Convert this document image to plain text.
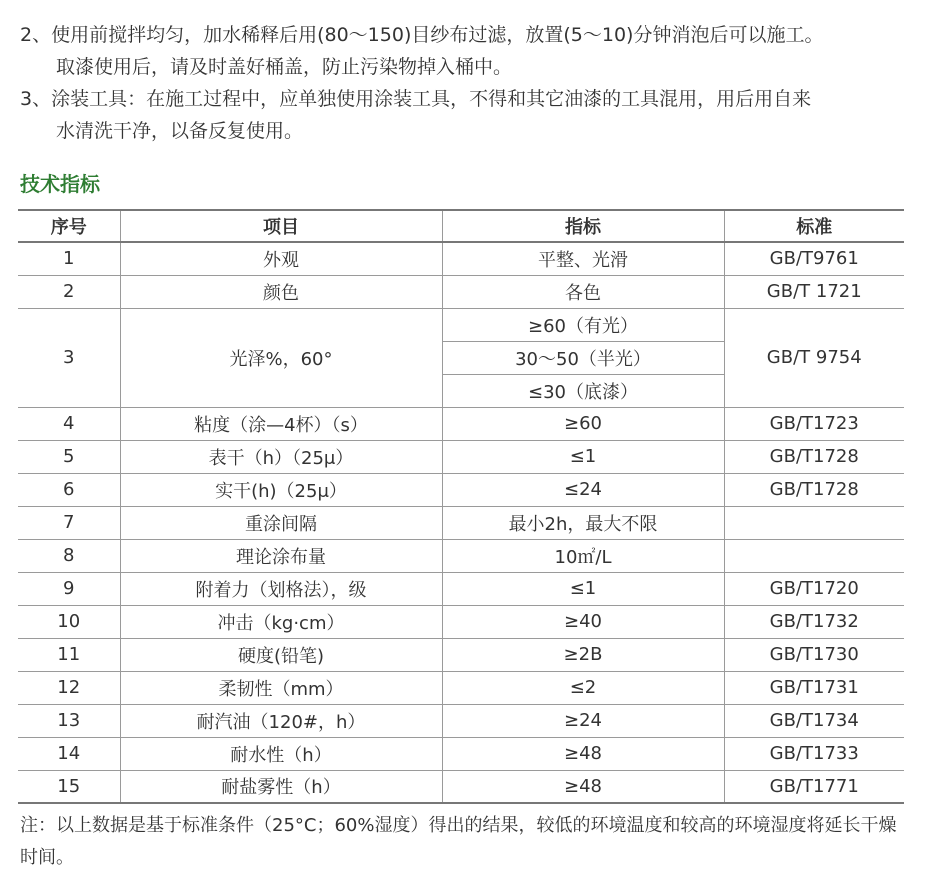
2、使用前搅拌均匀，加水稀释后用(80～150)目纱布过滤，放置(5～10)分钟消泡后可以施工。
取漆使用后，请及时盖好桶盖，防止污染物掉入桶中。
3、涂装工具：在施工过程中，应单独使用涂装工具，不得和其它油漆的工具混用，用后用自来
水清洗干净，以备反复使用。
技术指标
序号	项目	指标	标准
1	外观	平整、光滑	GB/T9761
2	颜色	各色	GB/T 1721
3	光泽%，60°	≥60（有光）	GB/T 9754
		30～50（半光）	
		≤30（底漆）	
4	粘度（涂—4杯）（s）	≥60	GB/T1723
5	表干（h）（25μ）	≤1	GB/T1728
6	实干(h)（25μ）	≤24	GB/T1728
7	重涂间隔	最小2h，最大不限	
8	理论涂布量	10㎡/L	
9	附着力（划格法），级	≤1	GB/T1720
10	冲击（kg·cm）	≥40	GB/T1732
11	硬度(铅笔)	≥2B	GB/T1730
12	柔韧性（mm）	≤2	GB/T1731
13	耐汽油（120#，h）	≥24	GB/T1734
14	耐水性（h）	≥48	GB/T1733
15	耐盐雾性（h）	≥48	GB/T1771
注：以上数据是基于标准条件（25°C；60%湿度）得出的结果，较低的环境温度和较高的环境湿度将延长干燥时间。
